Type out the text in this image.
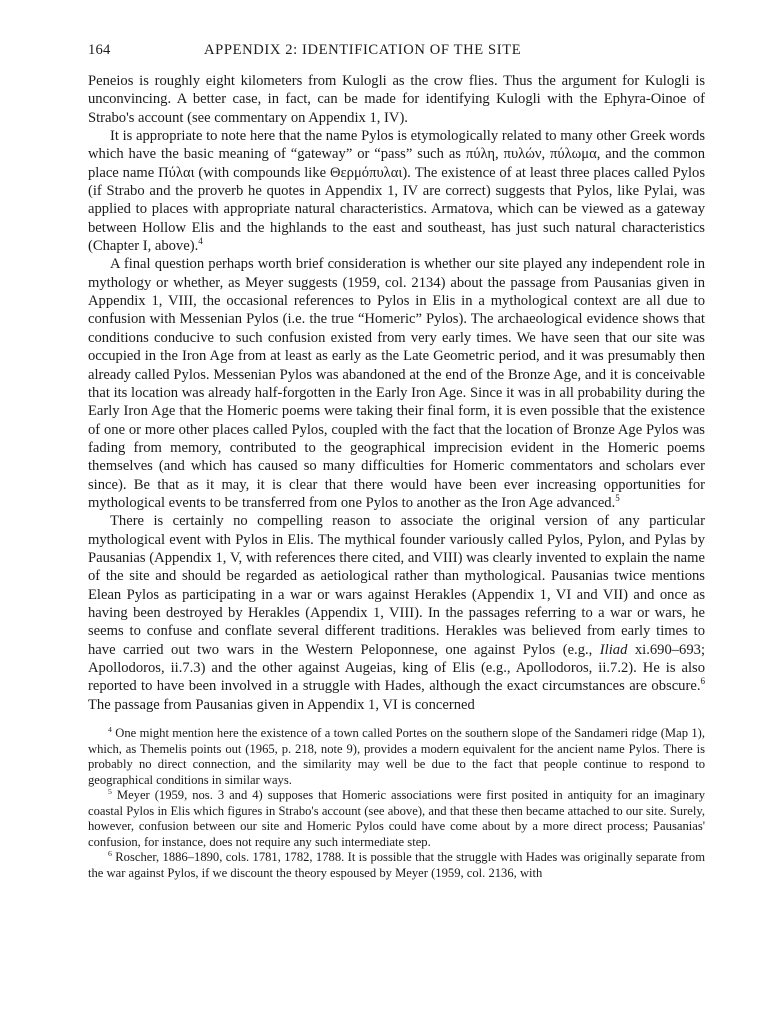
164	APPENDIX 2: IDENTIFICATION OF THE SITE

Peneios is roughly eight kilometers from Kulogli as the crow flies. Thus the argument for Kulogli is unconvincing. A better case, in fact, can be made for identifying Kulogli with the Ephyra-Oinoe of Strabo's account (see commentary on Appendix 1, IV).

It is appropriate to note here that the name Pylos is etymologically related to many other Greek words which have the basic meaning of “gateway” or “pass” such as πύλη, πυλών, πύλωμα, and the common place name Πύλαι (with compounds like Θερμόπυλαι). The existence of at least three places called Pylos (if Strabo and the proverb he quotes in Appendix 1, IV are correct) suggests that Pylos, like Pylai, was applied to places with appropriate natural characteristics. Armatova, which can be viewed as a gateway between Hollow Elis and the highlands to the east and southeast, has just such natural characteristics (Chapter I, above).$^4$

A final question perhaps worth brief consideration is whether our site played any independent role in mythology or whether, as Meyer suggests (1959, col. 2134) about the passage from Pausanias given in Appendix 1, VIII, the occasional references to Pylos in Elis in a mythological context are all due to confusion with Messenian Pylos (i.e. the true “Homeric” Pylos). The archaeological evidence shows that conditions conducive to such confusion existed from very early times. We have seen that our site was occupied in the Iron Age from at least as early as the Late Geometric period, and it was presumably then already called Pylos. Messenian Pylos was abandoned at the end of the Bronze Age, and it is conceivable that its location was already half-forgotten in the Early Iron Age. Since it was in all probability during the Early Iron Age that the Homeric poems were taking their final form, it is even possible that the existence of one or more other places called Pylos, coupled with the fact that the location of Bronze Age Pylos was fading from memory, contributed to the geographical imprecision evident in the Homeric poems themselves (and which has caused so many difficulties for Homeric commentators and scholars ever since). Be that as it may, it is clear that there would have been ever increasing opportunities for mythological events to be transferred from one Pylos to another as the Iron Age advanced.$^5$

There is certainly no compelling reason to associate the original version of any particular mythological event with Pylos in Elis. The mythical founder variously called Pylos, Pylon, and Pylas by Pausanias (Appendix 1, V, with references there cited, and VIII) was clearly invented to explain the name of the site and should be regarded as aetiological rather than mythological. Pausanias twice mentions Elean Pylos as participating in a war or wars against Herakles (Appendix 1, VI and VII) and once as having been destroyed by Herakles (Appendix 1, VIII). In the passages referring to a war or wars, he seems to confuse and conflate several different traditions. Herakles was believed from early times to have carried out two wars in the Western Peloponnese, one against Pylos (e.g., Iliad xi.690–693; Apollodoros, ii.7.3) and the other against Augeias, king of Elis (e.g., Apollodoros, ii.7.2). He is also reported to have been involved in a struggle with Hades, although the exact circumstances are obscure.$^6$ The passage from Pausanias given in Appendix 1, VI is concerned

$^4$ One might mention here the existence of a town called Portes on the southern slope of the Sandameri ridge (Map 1), which, as Themelis points out (1965, p. 218, note 9), provides a modern equivalent for the ancient name Pylos. There is probably no direct connection, and the similarity may well be due to the fact that people continue to respond to geographical conditions in similar ways.

$^5$ Meyer (1959, nos. 3 and 4) supposes that Homeric associations were first posited in antiquity for an imaginary coastal Pylos in Elis which figures in Strabo's account (see above), and that these then became attached to our site. Surely, however, confusion between our site and Homeric Pylos could have come about by a more direct process; Pausanias' confusion, for instance, does not require any such intermediate step.

$^6$ Roscher, 1886–1890, cols. 1781, 1782, 1788. It is possible that the struggle with Hades was originally separate from the war against Pylos, if we discount the theory espoused by Meyer (1959, col. 2136, with
